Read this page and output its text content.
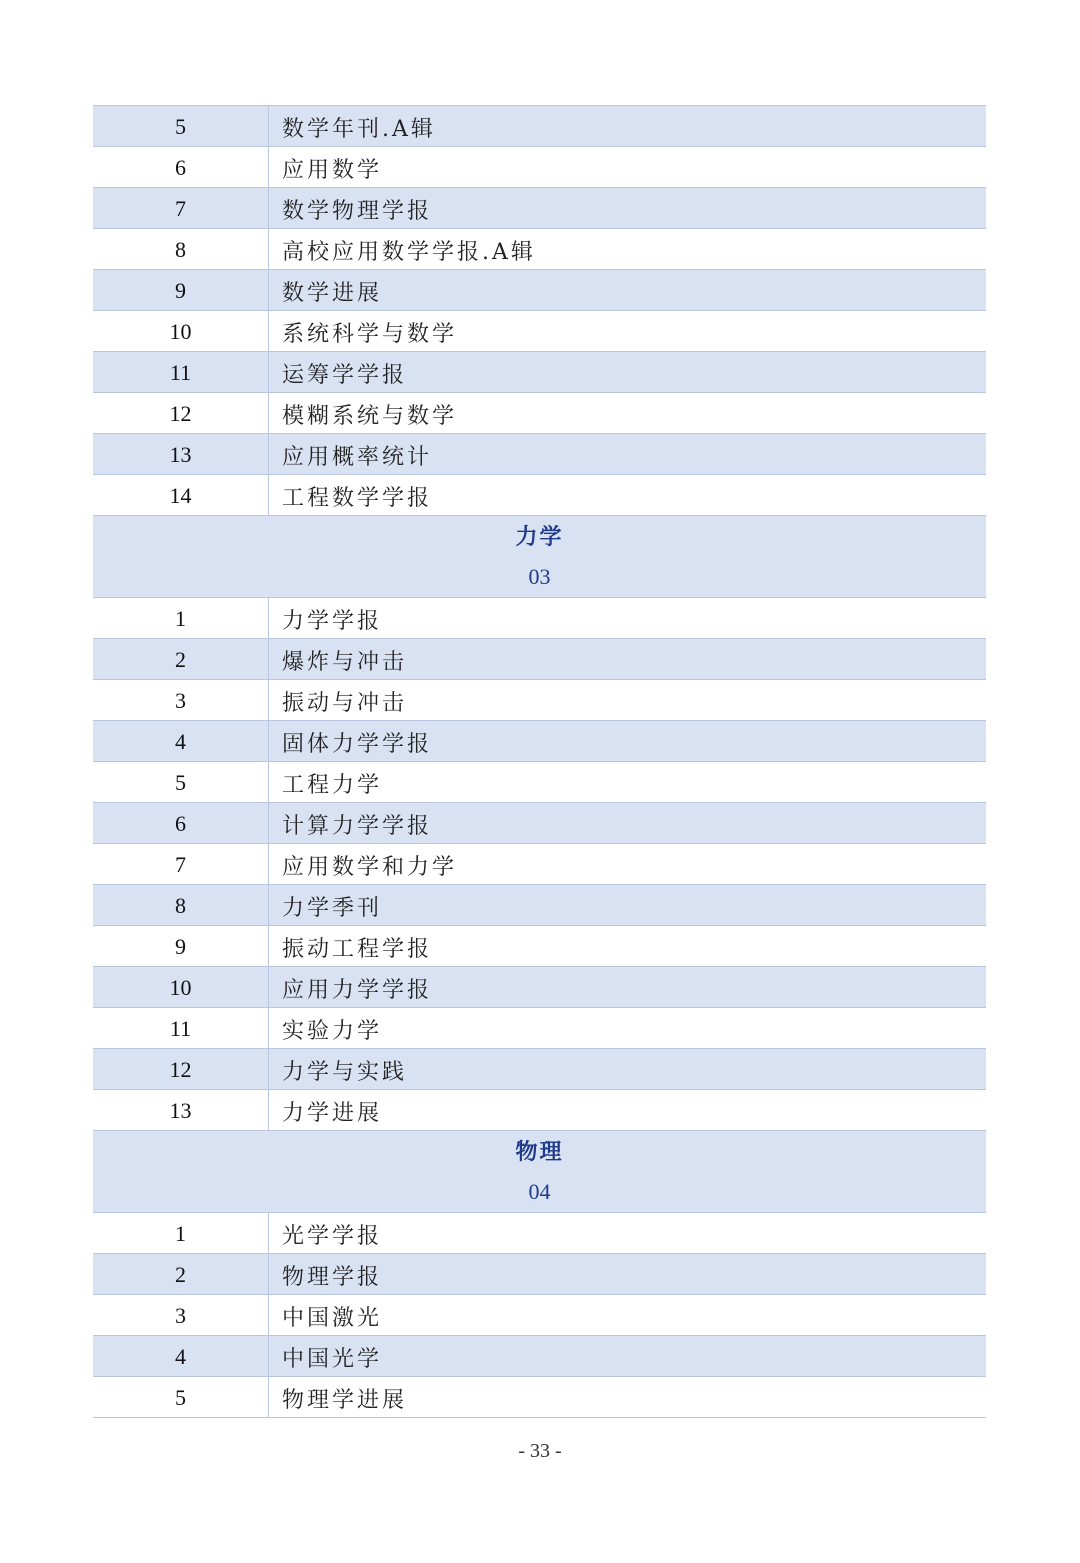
5	数学年刊.A辑
6	应用数学
7	数学物理学报
8	高校应用数学学报.A辑
9	数学进展
10	系统科学与数学
11	运筹学学报
12	模糊系统与数学
13	应用概率统计
14	工程数学学报
力学
03
1	力学学报
2	爆炸与冲击
3	振动与冲击
4	固体力学学报
5	工程力学
6	计算力学学报
7	应用数学和力学
8	力学季刊
9	振动工程学报
10	应用力学学报
11	实验力学
12	力学与实践
13	力学进展
物理
04
1	光学学报
2	物理学报
3	中国激光
4	中国光学
5	物理学进展
- 33 -
